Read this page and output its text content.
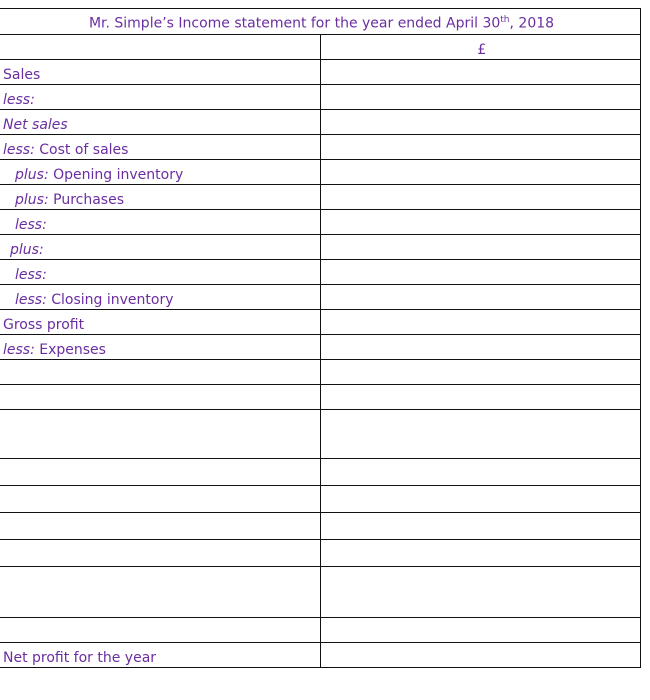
Mr. Simple’s Income statement for the year ended April 30th, 2018	
	£
Sales	
less:	
Net sales	
less: Cost of sales	
plus: Opening inventory	
plus: Purchases	
less:	
plus:	
less:	
less: Closing inventory	
Gross profit	
less: Expenses	

Net profit for the year	
